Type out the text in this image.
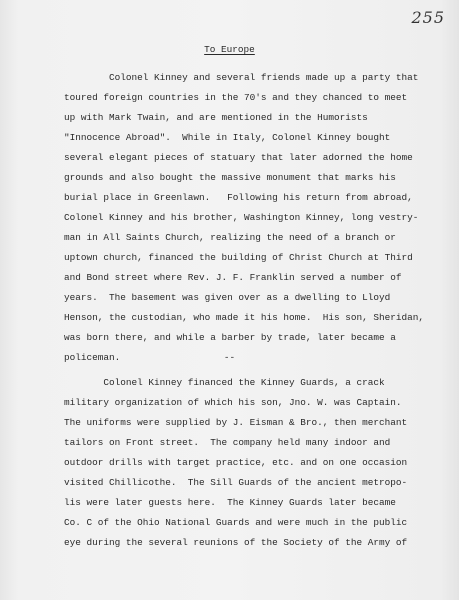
255
To Europe
Colonel Kinney and several friends made up a party that
toured foreign countries in the 70's and they chanced to meet
up with Mark Twain, and are mentioned in the Humorists
"Innocence Abroad".  While in Italy, Colonel Kinney bought
several elegant pieces of statuary that later adorned the home
grounds and also bought the massive monument that marks his
burial place in Greenlawn.   Following his return from abroad,
Colonel Kinney and his brother, Washington Kinney, long vestry-
man in All Saints Church, realizing the need of a branch or
uptown church, financed the building of Christ Church at Third
and Bond street where Rev. J. F. Franklin served a number of
years.  The basement was given over as a dwelling to Lloyd
Henson, the custodian, who made it his home.  His son, Sheridan,
was born there, and while a barber by trade, later became a
policeman.	--
Colonel Kinney financed the Kinney Guards, a crack
military organization of which his son, Jno. W. was Captain.
The uniforms were supplied by J. Eisman & Bro., then merchant
tailors on Front street.  The company held many indoor and
outdoor drills with target practice, etc. and on one occasion
visited Chillicothe.  The Sill Guards of the ancient metropo-
lis were later guests here.  The Kinney Guards later became
Co. C of the Ohio National Guards and were much in the public
eye during the several reunions of the Society of the Army of
